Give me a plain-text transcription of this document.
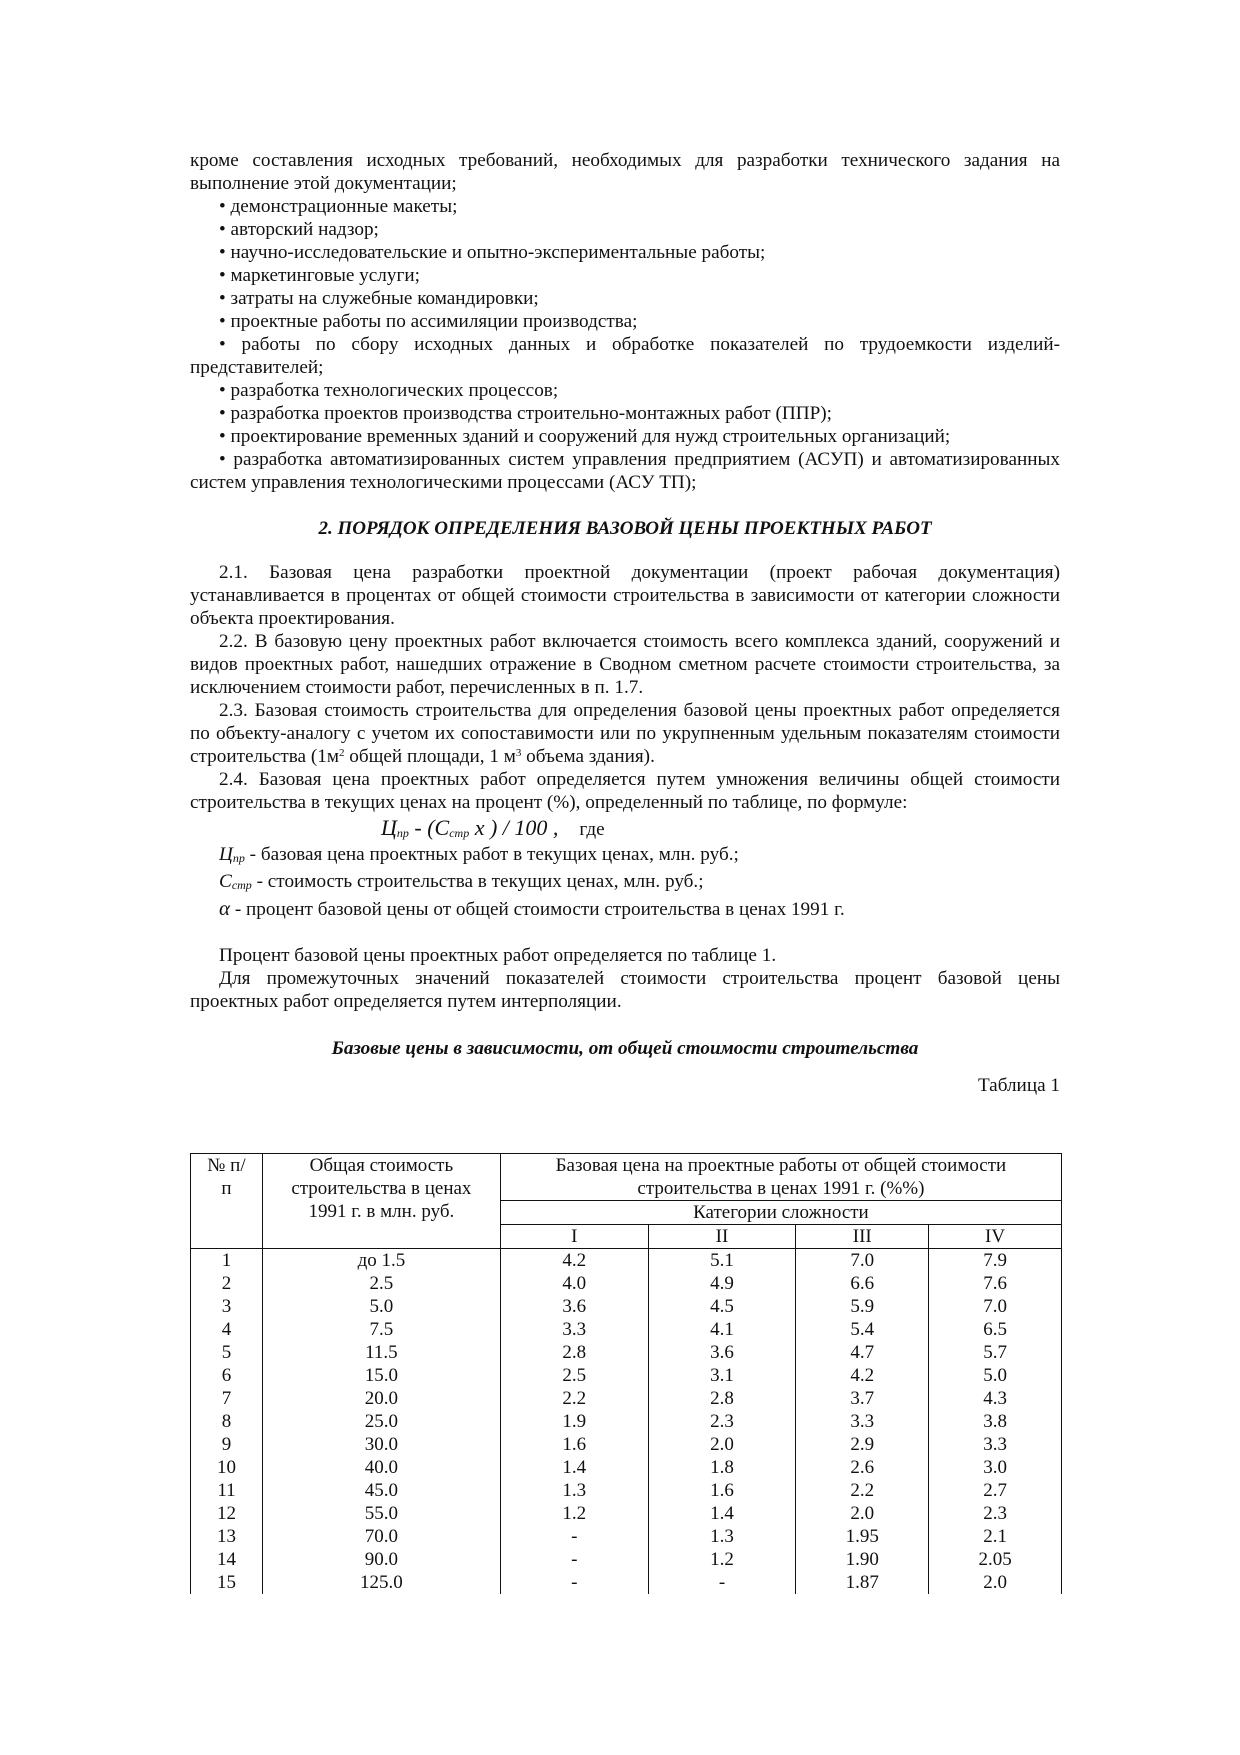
кроме составления исходных требований, необходимых для разработки технического задания на выполнение этой документации;

• демонстрационные макеты;

• авторский надзор;

• научно-исследовательские и опытно-экспериментальные работы;

• маркетинговые услуги;

• затраты на служебные командировки;

• проектные работы по ассимиляции производства;

• работы по сбору исходных данных и обработке показателей по трудоемкости изделий-представителей;

• разработка технологических процессов;

• разработка проектов производства строительно-монтажных работ (ППР);

• проектирование временных зданий и сооружений для нужд строительных организаций;

• разработка автоматизированных систем управления предприятием (АСУП) и автоматизированных систем управления технологическими процессами (АСУ ТП);

2. ПОРЯДОК ОПРЕДЕЛЕНИЯ ВАЗОВОЙ ЦЕНЫ ПРОЕКТНЫХ РАБОТ

2.1. Базовая цена разработки проектной документации (проект рабочая документация) устанавливается в процентах от общей стоимости строительства в зависимости от категории сложности объекта проектирования.

2.2. В базовую цену проектных работ включается стоимость всего комплекса зданий, сооружений и видов проектных работ, нашедших отражение в Сводном сметном расчете стоимости строительства, за исключением стоимости работ, перечисленных в п. 1.7.

2.3. Базовая стоимость строительства для определения базовой цены проектных работ определяется по объекту-аналогу с учетом их сопоставимости или по укрупненным удельным показателям стоимости строительства ($1м^2$ общей площади, 1 $м^3$ объема здания).

2.4. Базовая цена проектных работ определяется путем умножения величины общей стоимости строительства в текущих ценах на процент (%), определенный по таблице, по формуле:

$Ц_{пр} - (С_{стр}$ х ) / 100 , где

$Ц_{пр}$ - базовая цена проектных работ в текущих ценах, млн. руб.;

$С_{стр}$ - стоимость строительства в текущих ценах, млн. руб.;

α - процент базовой цены от общей стоимости строительства в ценах 1991 г.

Процент базовой цены проектных работ определяется по таблице 1.

Для промежуточных значений показателей стоимости строительства процент базовой цены проектных работ определяется путем интерполяции.

Базовые цены в зависимости, от общей стоимости строительства

Таблица 1

№ п/п	Общая стоимость строительства в ценах 1991 г. в млн. руб.	Базовая цена на проектные работы от общей стоимости строительства в ценах 1991 г. (%%)			
		Категории сложности			
		I	II	III	IV
1	до 1.5	4.2	5.1	7.0	7.9
2	2.5	4.0	4.9	6.6	7.6
3	5.0	3.6	4.5	5.9	7.0
4	7.5	3.3	4.1	5.4	6.5
5	11.5	2.8	3.6	4.7	5.7
6	15.0	2.5	3.1	4.2	5.0
7	20.0	2.2	2.8	3.7	4.3
8	25.0	1.9	2.3	3.3	3.8
9	30.0	1.6	2.0	2.9	3.3
10	40.0	1.4	1.8	2.6	3.0
11	45.0	1.3	1.6	2.2	2.7
12	55.0	1.2	1.4	2.0	2.3
13	70.0	-	1.3	1.95	2.1
14	90.0	-	1.2	1.90	2.05
15	125.0	-	-	1.87	2.0
